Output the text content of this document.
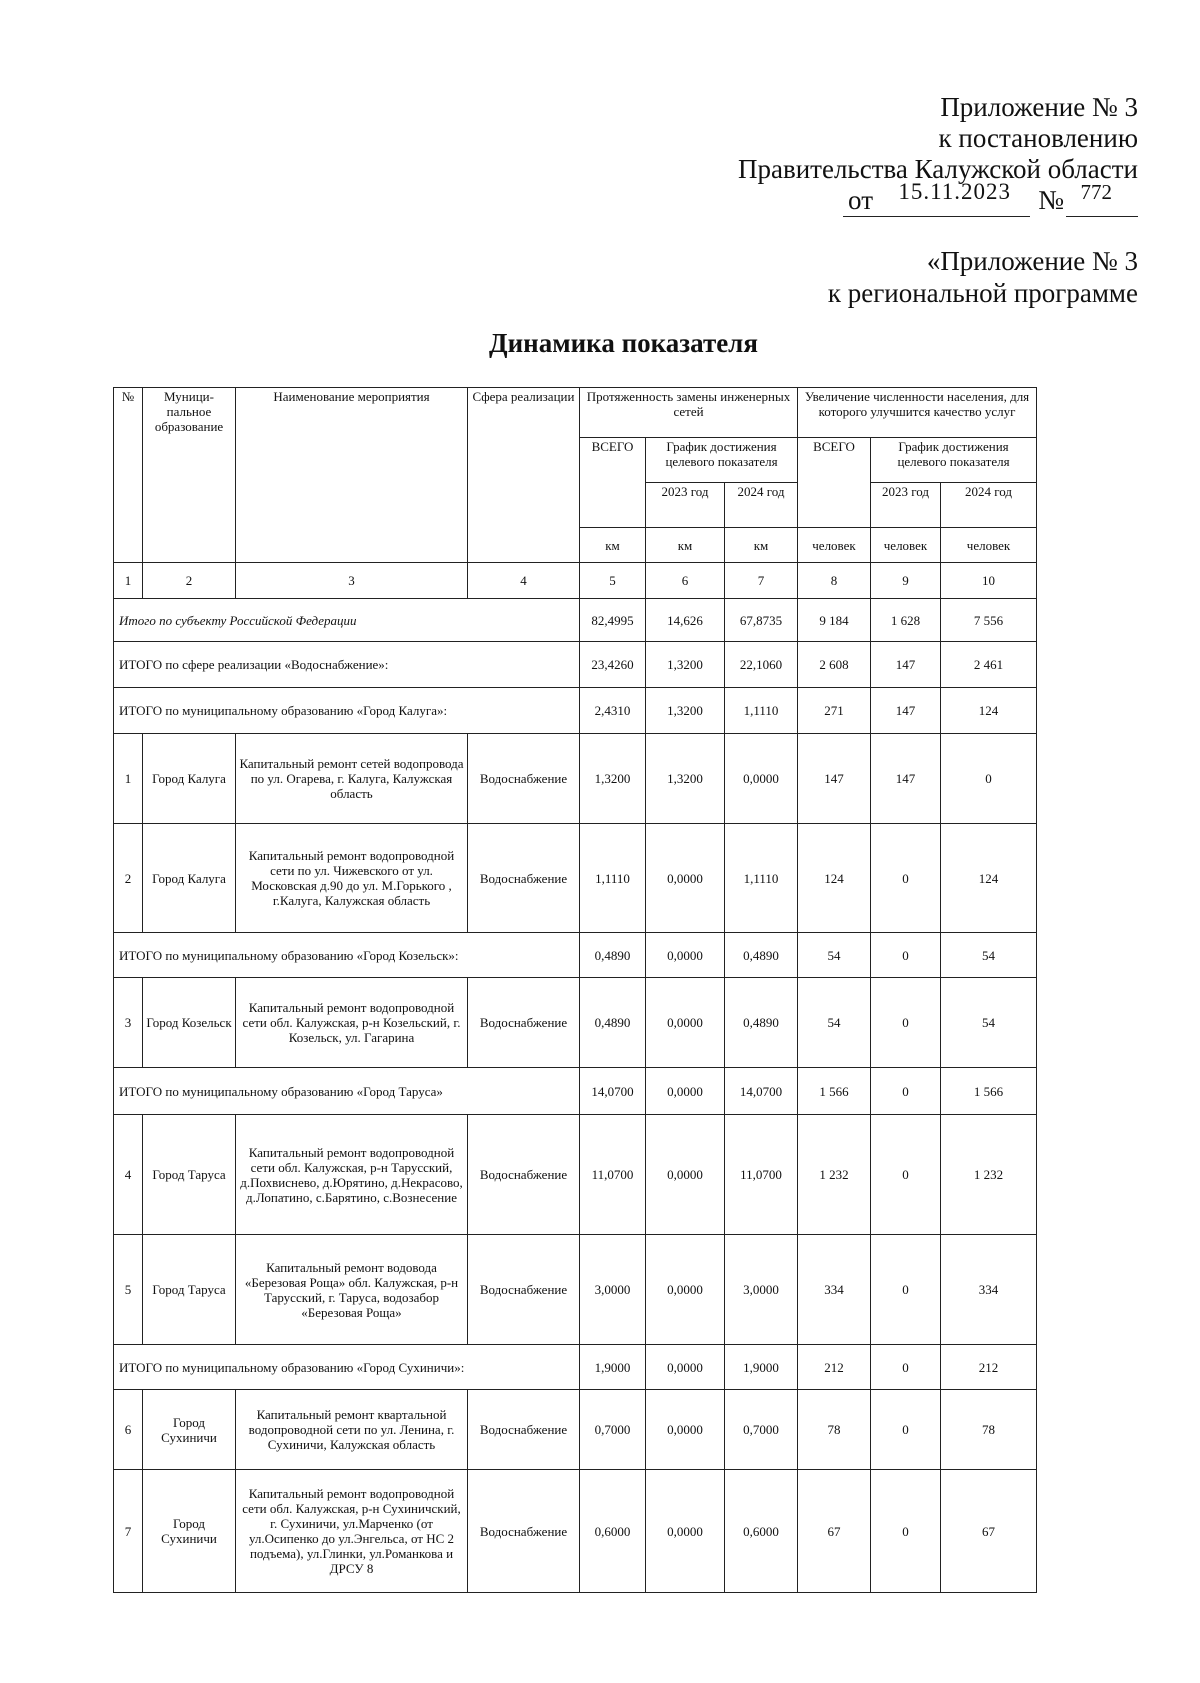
Приложение № 3
к постановлению
Правительства Калужской области
от 15.11.2023 № 772
«Приложение № 3
к региональной программе
Динамика показателя
№	Муници-пальное образование	Наименование мероприятия	Сфера реализации	Протяженность замены инженерных сетей			Увеличение численности населения, для которого улучшится качество услуг		
				ВСЕГО	График достижения целевого показателя		ВСЕГО	График достижения целевого показателя	
					2023 год	2024 год		2023 год	2024 год
				км	км	км	человек	человек	человек
1	2	3	4	5	6	7	8	9	10
Итого по субъекту Российской Федерации				82,4995	14,626	67,8735	9 184	1 628	7 556
ИТОГО по сфере реализации «Водоснабжение»:				23,4260	1,3200	22,1060	2 608	147	2 461
ИТОГО по муниципальному образованию «Город Калуга»:				2,4310	1,3200	1,1110	271	147	124
1	Город Калуга	Капитальный ремонт сетей водопровода по ул. Огарева, г. Калуга, Калужская область	Водоснабжение	1,3200	1,3200	0,0000	147	147	0
2	Город Калуга	Капитальный ремонт водопроводной сети по ул. Чижевского от ул. Московская д.90 до ул. М.Горького , г.Калуга, Калужская область	Водоснабжение	1,1110	0,0000	1,1110	124	0	124
ИТОГО по муниципальному образованию «Город Козельск»:				0,4890	0,0000	0,4890	54	0	54
3	Город Козельск	Капитальный ремонт водопроводной сети обл. Калужская, р-н Козельский, г. Козельск, ул. Гагарина	Водоснабжение	0,4890	0,0000	0,4890	54	0	54
ИТОГО по муниципальному образованию «Город Таруса»				14,0700	0,0000	14,0700	1 566	0	1 566
4	Город Таруса	Капитальный ремонт водопроводной сети обл. Калужская, р-н Тарусский, д.Похвиснево, д.Юрятино, д.Некрасово, д.Лопатино, с.Барятино, с.Вознесение	Водоснабжение	11,0700	0,0000	11,0700	1 232	0	1 232
5	Город Таруса	Капитальный ремонт водовода «Березовая Роща» обл. Калужская, р-н Тарусский, г. Таруса, водозабор «Березовая Роща»	Водоснабжение	3,0000	0,0000	3,0000	334	0	334
ИТОГО по муниципальному образованию «Город Сухиничи»:				1,9000	0,0000	1,9000	212	0	212
6	Город Сухиничи	Капитальный ремонт квартальной водопроводной сети по ул. Ленина, г. Сухиничи, Калужская область	Водоснабжение	0,7000	0,0000	0,7000	78	0	78
7	Город Сухиничи	Капитальный ремонт водопроводной сети обл. Калужская, р-н Сухиничский, г. Сухиничи, ул.Марченко (от ул.Осипенко до ул.Энгельса, от НС 2 подъема), ул.Глинки, ул.Романкова и ДРСУ 8	Водоснабжение	0,6000	0,0000	0,6000	67	0	67
